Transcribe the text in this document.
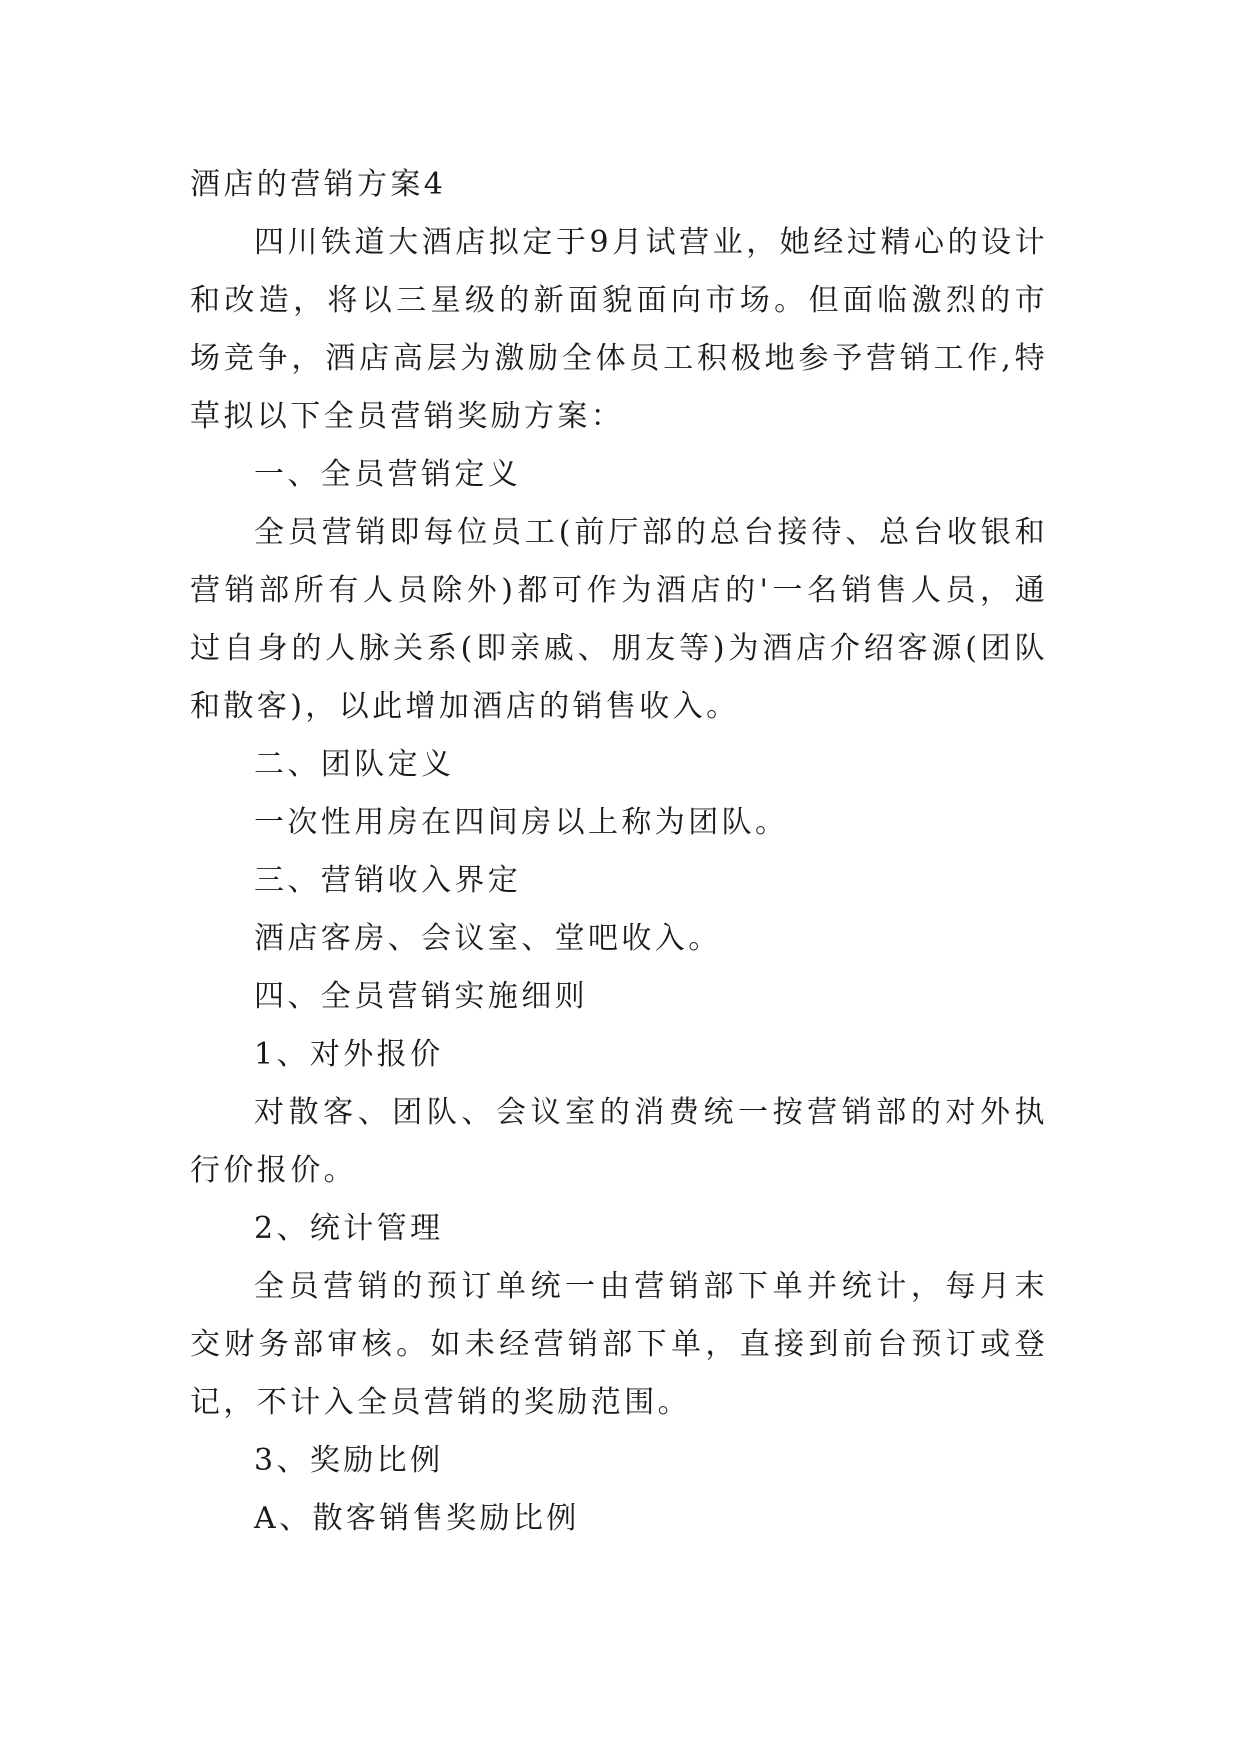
酒店的营销方案4

四川铁道大酒店拟定于9月试营业，她经过精心的设计和改造，将以三星级的新面貌面向市场。但面临激烈的市场竞争，酒店高层为激励全体员工积极地参予营销工作,特草拟以下全员营销奖励方案：

一、全员营销定义

全员营销即每位员工(前厅部的总台接待、总台收银和营销部所有人员除外)都可作为酒店的'一名销售人员，通过自身的人脉关系(即亲戚、朋友等)为酒店介绍客源(团队和散客)，以此增加酒店的销售收入。

二、团队定义

一次性用房在四间房以上称为团队。

三、营销收入界定

酒店客房、会议室、堂吧收入。

四、全员营销实施细则

1、对外报价

对散客、团队、会议室的消费统一按营销部的对外执行价报价。

2、统计管理

全员营销的预订单统一由营销部下单并统计，每月末交财务部审核。如未经营销部下单，直接到前台预订或登记，不计入全员营销的奖励范围。

3、奖励比例

A、散客销售奖励比例
